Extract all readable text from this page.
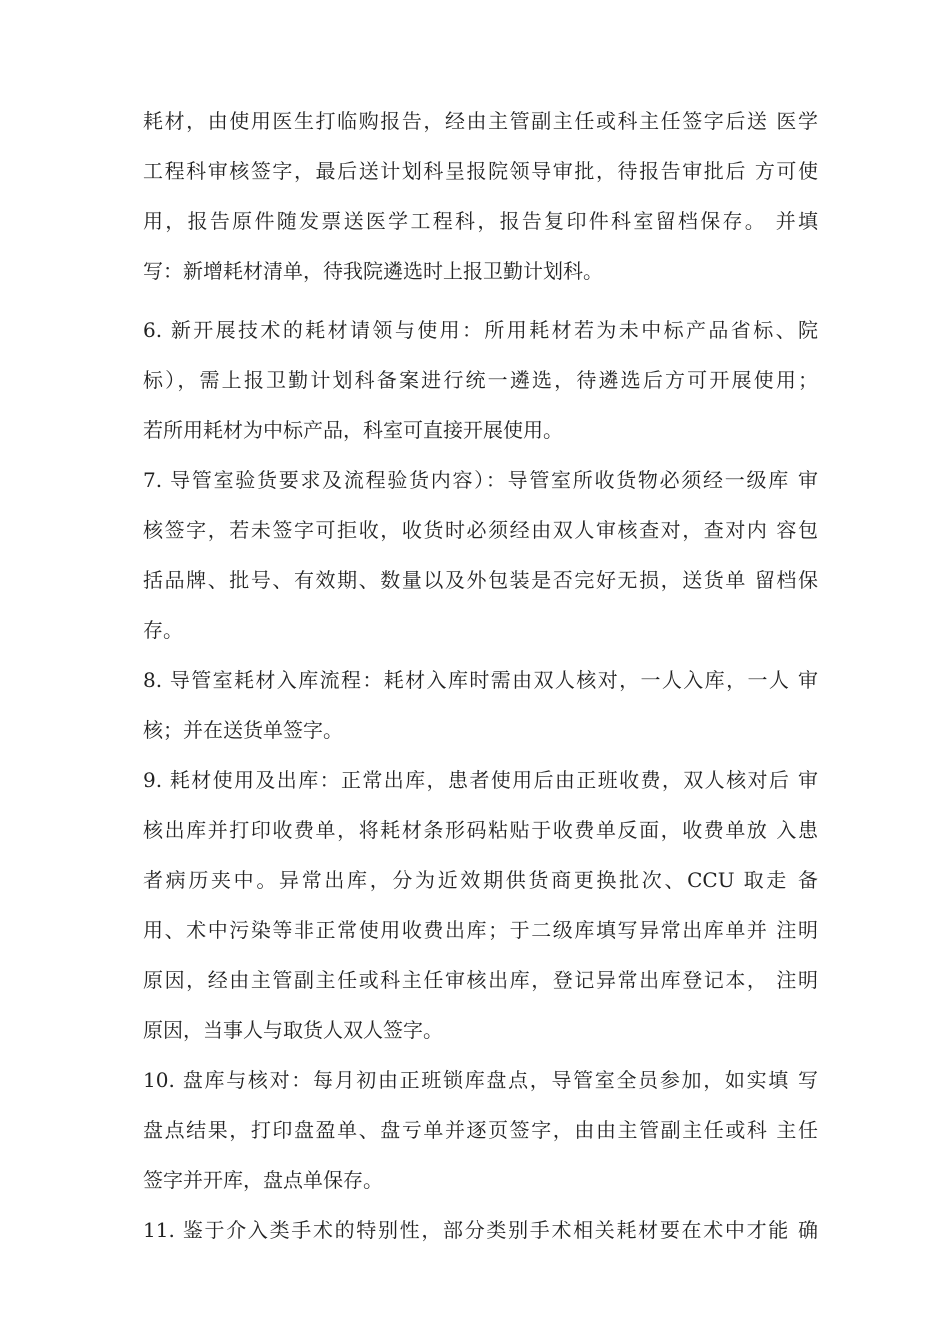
耗材，由使用医生打临购报告，经由主管副主任或科主任签字后送 医学
工程科审核签字，最后送计划科呈报院领导审批，待报告审批后 方可使
用，报告原件随发票送医学工程科，报告复印件科室留档保存。 并填
写：新增耗材清单，待我院遴选时上报卫勤计划科。
6. 新开展技术的耗材请领与使用：所用耗材若为未中标产品省标、院
标），需上报卫勤计划科备案进行统一遴选，待遴选后方可开展使用；
若所用耗材为中标产品，科室可直接开展使用。
7. 导管室验货要求及流程验货内容）：导管室所收货物必须经一级库 审
核签字，若未签字可拒收，收货时必须经由双人审核查对，查对内 容包
括品牌、批号、有效期、数量以及外包装是否完好无损，送货单 留档保
存。
8. 导管室耗材入库流程：耗材入库时需由双人核对，一人入库，一人 审
核；并在送货单签字。
9. 耗材使用及出库：正常出库，患者使用后由正班收费，双人核对后 审
核出库并打印收费单，将耗材条形码粘贴于收费单反面，收费单放 入患
者病历夹中。异常出库，分为近效期供货商更换批次、CCU 取走 备
用、术中污染等非正常使用收费出库；于二级库填写异常出库单并 注明
原因，经由主管副主任或科主任审核出库，登记异常出库登记本， 注明
原因，当事人与取货人双人签字。
10. 盘库与核对：每月初由正班锁库盘点，导管室全员参加，如实填 写
盘点结果，打印盘盈单、盘亏单并逐页签字，由由主管副主任或科 主任
签字并开库，盘点单保存。
11. 鉴于介入类手术的特别性，部分类别手术相关耗材要在术中才能 确
